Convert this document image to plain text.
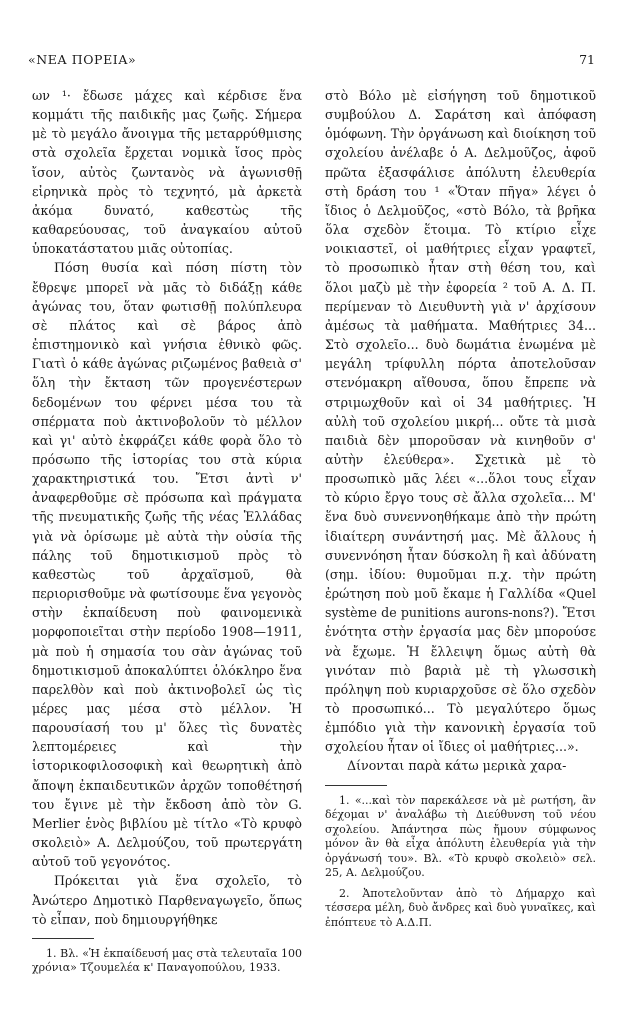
«ΝΕΑ ΠΟΡΕΙΑ»	71

ων ¹· ἔδωσε μάχες καὶ κέρδισε ἕνα κομμάτι τῆς παιδικῆς μας ζωῆς. Σήμερα μὲ τὸ μεγάλο ἄνοιγμα τῆς μεταρρύθμισης στὰ σχολεῖα ἔρχεται νομικὰ ἴσος πρὸς ἴσον, αὐτὸς ζωντανὸς νὰ ἀγωνισθῇ εἰρηνικὰ πρὸς τὸ τεχνητό, μὰ ἀρκετὰ ἀκόμα δυνατό, καθεστὼς τῆς καθαρεύουσας, τοῦ ἀναγκαίου αὐτοῦ ὑποκατάστατου μιᾶς οὐτοπίας.

Πόση θυσία καὶ πόση πίστη τὸν ἔθρεψε μπορεῖ νὰ μᾶς τὸ διδάξῃ κάθε ἀγώνας του, ὅταν φωτισθῇ πολύπλευρα σὲ πλάτος καὶ σὲ βάρος ἀπὸ ἐπιστημονικὸ καὶ γνήσια ἐθνικὸ φῶς. Γιατὶ ὁ κάθε ἀγώνας ριζωμένος βαθειὰ σ' ὅλη τὴν ἔκταση τῶν προγενέστερων δεδομένων του φέρνει μέσα του τὰ σπέρματα ποὺ ἀκτινοβολοῦν τὸ μέλλον καὶ γι' αὐτὸ ἐκφράζει κάθε φορὰ ὅλο τὸ πρόσωπο τῆς ἱστορίας του στὰ κύρια χαρακτηριστικά του. Ἔτσι ἀντὶ ν' ἀναφερθοῦμε σὲ πρόσωπα καὶ πράγματα τῆς πνευματικῆς ζωῆς τῆς νέας Ἑλλάδας γιὰ νὰ ὁρίσωμε μὲ αὐτὰ τὴν οὐσία τῆς πάλης τοῦ δημοτικισμοῦ πρὸς τὸ καθεστὼς τοῦ ἀρχαϊσμοῦ, θὰ περιορισθοῦμε νὰ φωτίσουμε ἕνα γεγονὸς στὴν ἐκπαίδευση ποὺ φαινομενικὰ μορφοποιεῖται στὴν περίοδο 1908—1911, μὰ ποὺ ἡ σημασία του σὰν ἀγώνας τοῦ δημοτικισμοῦ ἀποκαλύπτει ὁλόκληρο ἕνα παρελθὸν καὶ ποὺ ἀκτινοβολεῖ ὡς τὶς μέρες μας μέσα στὸ μέλλον. Ἡ παρουσίασή του μ' ὅλες τὶς δυνατὲς λεπτομέρειες καὶ τὴν ἱστορικοφιλοσοφικὴ καὶ θεωρητικὴ ἀπὸ ἄποψη ἐκπαιδευτικῶν ἀρχῶν τοποθέτησή του ἔγινε μὲ τὴν ἔκδοση ἀπὸ τὸν G. Merlier ἑνὸς βιβλίου μὲ τίτλο «Τὸ κρυφὸ σκολειὸ» Α. Δελμούζου, τοῦ πρωτεργάτη αὐτοῦ τοῦ γεγονότος.

Πρόκειται γιὰ ἕνα σχολεῖο, τὸ Ἀνώτερο Δημοτικὸ Παρθεναγωγεῖο, ὅπως τὸ εἶπαν, ποὺ δημιουργήθηκε

1. Βλ. «Ἡ ἐκπαίδευσή μας στὰ τελευταῖα 100 χρόνια» Τζουμελέα κ' Παναγοπούλου, 1933.

στὸ Βόλο μὲ εἰσήγηση τοῦ δημοτικοῦ συμβούλου Δ. Σαράτση καὶ ἀπόφαση ὁμόφωνη. Τὴν ὀργάνωση καὶ διοίκηση τοῦ σχολείου ἀνέλαβε ὁ Α. Δελμοῦζος, ἀφοῦ πρῶτα ἐξασφάλισε ἀπόλυτη ἐλευθερία στὴ δράση του ¹ «Ὅταν πῆγα» λέγει ὁ ἴδιος ὁ Δελμοῦζος, «στὸ Βόλο, τὰ βρῆκα ὅλα σχεδὸν ἕτοιμα. Τὸ κτίριο εἶχε νοικιαστεῖ, οἱ μαθήτριες εἶχαν γραφτεῖ, τὸ προσωπικὸ ἦταν στὴ θέση του, καὶ ὅλοι μαζὺ μὲ τὴν ἐφορεία ² τοῦ Α. Δ. Π. περίμεναν τὸ Διευθυντὴ γιὰ ν' ἀρχίσουν ἀμέσως τὰ μαθήματα. Μαθήτριες 34... Στὸ σχολεῖο... δυὸ δωμάτια ἑνωμένα μὲ μεγάλη τρίφυλλη πόρτα ἀποτελοῦσαν στενόμακρη αἴθουσα, ὅπου ἔπρεπε νὰ στριμωχθοῦν καὶ οἱ 34 μαθήτριες. Ἡ αὐλὴ τοῦ σχολείου μικρή... οὔτε τὰ μισὰ παιδιὰ δὲν μποροῦσαν νὰ κινηθοῦν σ' αὐτὴν ἐλεύθερα». Σχετικὰ μὲ τὸ προσωπικὸ μᾶς λέει «...ὅλοι τους εἶχαν τὸ κύριο ἔργο τους σὲ ἄλλα σχολεῖα... Μ' ἕνα δυὸ συνεννοηθήκαμε ἀπὸ τὴν πρώτη ἰδιαίτερη συνάντησή μας. Μὲ ἄλλους ἡ συνεννόηση ἦταν δύσκολη ἢ καὶ ἀδύνατη (σημ. ἰδίου: θυμοῦμαι π.χ. τὴν πρώτη ἐρώτηση ποὺ μοῦ ἔκαμε ἡ Γαλλίδα «Quel système de punitions aurons-nons?). Ἔτσι ἑνότητα στὴν ἐργασία μας δὲν μπορούσε νὰ ἔχωμε. Ἡ ἔλλειψη ὅμως αὐτὴ θὰ γινόταν πιὸ βαριὰ μὲ τὴ γλωσσικὴ πρόληψη ποὺ κυριαρχοῦσε σὲ ὅλο σχεδὸν τὸ προσωπικό... Τὸ μεγαλύτερο ὅμως ἐμπόδιο γιὰ τὴν κανονικὴ ἐργασία τοῦ σχολείου ἦταν οἱ ἴδιες οἱ μαθήτριες...».

Δίνονται παρὰ κάτω μερικὰ χαρα-

1. «...καὶ τὸν παρεκάλεσε νὰ μὲ ρωτήση, ἂν δέχομαι ν' ἀναλάβω τὴ Διεύθυνση τοῦ νέου σχολείου. Ἀπάντησα πὼς ἤμουν σύμφωνος μόνον ἂν θὰ εἶχα ἀπόλυτη ἐλευθερία γιὰ τὴν ὀργάνωσή του». Βλ. «Τὸ κρυφὸ σκολειὸ» σελ. 25, Α. Δελμούζου.

2. Ἀποτελοῦνταν ἀπὸ τὸ Δήμαρχο καὶ τέσσερα μέλη, δυὸ ἄνδρες καὶ δυὸ γυναῖκες, καὶ ἐπόπτευε τὸ Α.Δ.Π.
